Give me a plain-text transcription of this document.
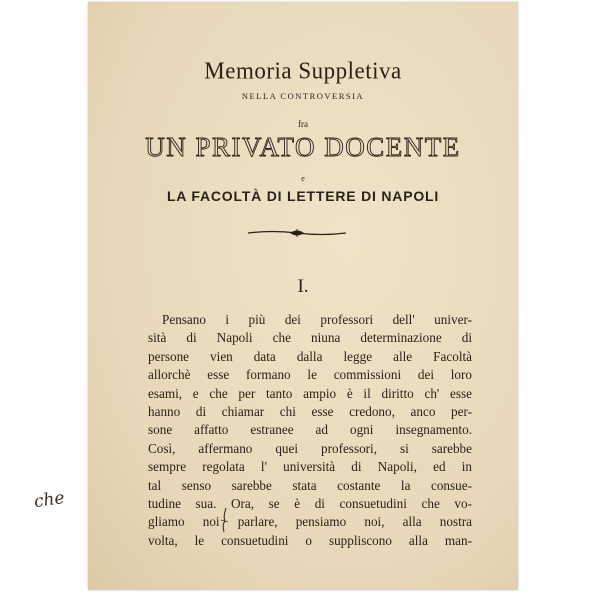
Memoria Suppletiva
NELLA CONTROVERSIA
fra
UN PRIVATO DOCENTE
e
LA FACOLTÀ DI LETTERE DI NAPOLI
I.
Pensano i più dei professori dell' univer-
sità di Napoli che niuna determinazione di
persone vien data dalla legge alle Facoltà
allorchè esse formano le commissioni dei loro
esami, e che per tanto ampio è il diritto ch' esse
hanno di chiamar chi esse credono, anco per-
sone affatto estranee ad ogni insegnamento.
Così, affermano quei professori, si sarebbe
sempre regolata l' università di Napoli, ed in
tal senso sarebbe stata costante la consue-
tudine sua. Ora, se è di consuetudini che vo-
gliamo noi parlare, pensiamo noi, alla nostra
volta, le consuetudini o suppliscono alla man-
che
